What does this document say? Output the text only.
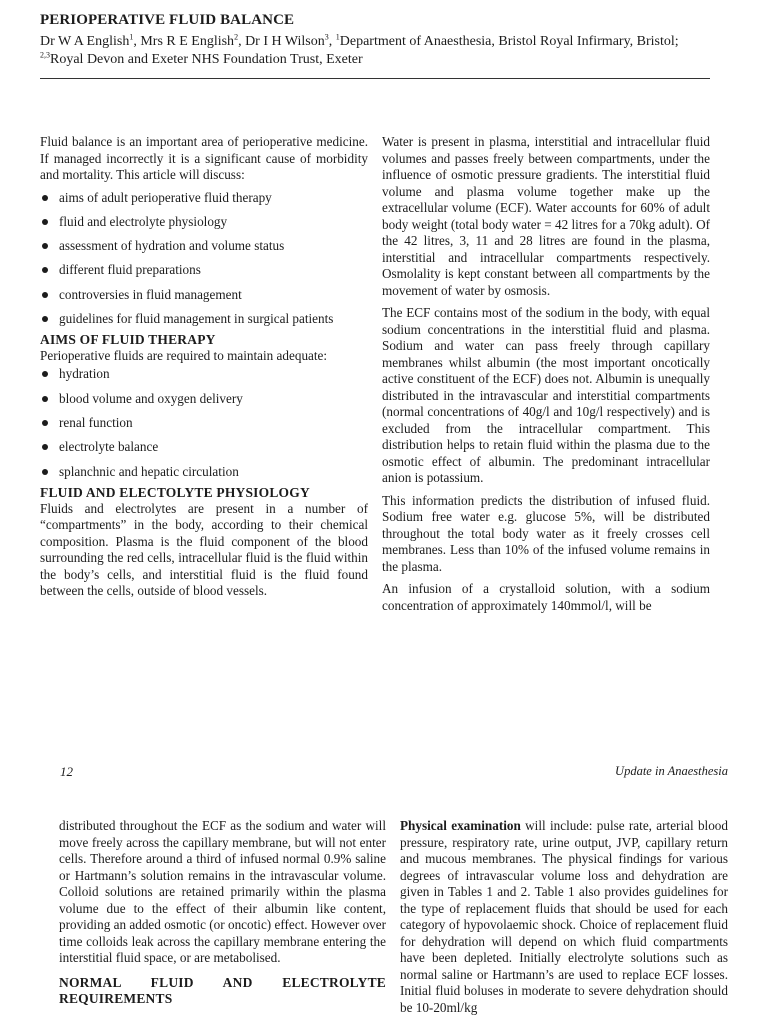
PERIOPERATIVE FLUID BALANCE
Dr W A English$^1$, Mrs R E English$^2$, Dr I H Wilson$^3$, $^1$Department of Anaesthesia, Bristol Royal Infirmary, Bristol; $^{2,3}$Royal Devon and Exeter NHS Foundation Trust, Exeter

Fluid balance is an important area of perioperative medicine. If managed incorrectly it is a significant cause of morbidity and mortality. This article will discuss:

aims of adult perioperative fluid therapy
fluid and electrolyte physiology
assessment of hydration and volume status
different fluid preparations
controversies in fluid management
guidelines for fluid management in surgical patients
AIMS OF FLUID THERAPY

Perioperative fluids are required to maintain adequate:

hydration
blood volume and oxygen delivery
renal function
electrolyte balance
splanchnic and hepatic circulation
FLUID AND ELECTOLYTE PHYSIOLOGY

Fluids and electrolytes are present in a number of “compartments” in the body, according to their chemical composition. Plasma is the fluid component of the blood surrounding the red cells, intracellular fluid is the fluid within the body’s cells, and interstitial fluid is the fluid found between the cells, outside of blood vessels.

Water is present in plasma, interstitial and intracellular fluid volumes and passes freely between compartments, under the influence of osmotic pressure gradients. The interstitial fluid volume and plasma volume together make up the extracellular volume (ECF). Water accounts for 60% of adult body weight (total body water = 42 litres for a 70kg adult). Of the 42 litres, 3, 11 and 28 litres are found in the plasma, interstitial and intracellular compartments respectively. Osmolality is kept constant between all compartments by the movement of water by osmosis.

The ECF contains most of the sodium in the body, with equal sodium concentrations in the interstitial fluid and plasma. Sodium and water can pass freely through capillary membranes whilst albumin (the most important oncotically active constituent of the ECF) does not. Albumin is unequally distributed in the intravascular and interstitial compartments (normal concentrations of 40g/l and 10g/l respectively) and is excluded from the intracellular compartment. This distribution helps to retain fluid within the plasma due to the osmotic effect of albumin. The predominant intracellular anion is potassium.

This information predicts the distribution of infused fluid. Sodium free water e.g. glucose 5%, will be distributed throughout the total body water as it freely crosses cell membranes. Less than 10% of the infused volume remains in the plasma.

An infusion of a crystalloid solution, with a sodium concentration of approximately 140mmol/l, will be

12	Update in Anaesthesia

distributed throughout the ECF as the sodium and water will move freely across the capillary membrane, but will not enter cells. Therefore around a third of infused normal 0.9% saline or Hartmann’s solution remains in the intravascular volume. Colloid solutions are retained primarily within the plasma volume due to the effect of their albumin like content, providing an added osmotic (or oncotic) effect. However over time colloids leak across the capillary membrane entering the interstitial fluid space, or are metabolised.

NORMAL FLUID AND ELECTROLYTE REQUIREMENTS

Physical examination will include: pulse rate, arterial blood pressure, respiratory rate, urine output, JVP, capillary return and mucous membranes. The physical findings for various degrees of intravascular volume loss and dehydration are given in Tables 1 and 2. Table 1 also provides guidelines for the type of replacement fluids that should be used for each category of hypovolaemic shock. Choice of replacement fluid for dehydration will depend on which fluid compartments have been depleted. Initially electrolyte solutions such as normal saline or Hartmann’s are used to replace ECF losses. Initial fluid boluses in moderate to severe dehydration should be 10-20ml/kg
